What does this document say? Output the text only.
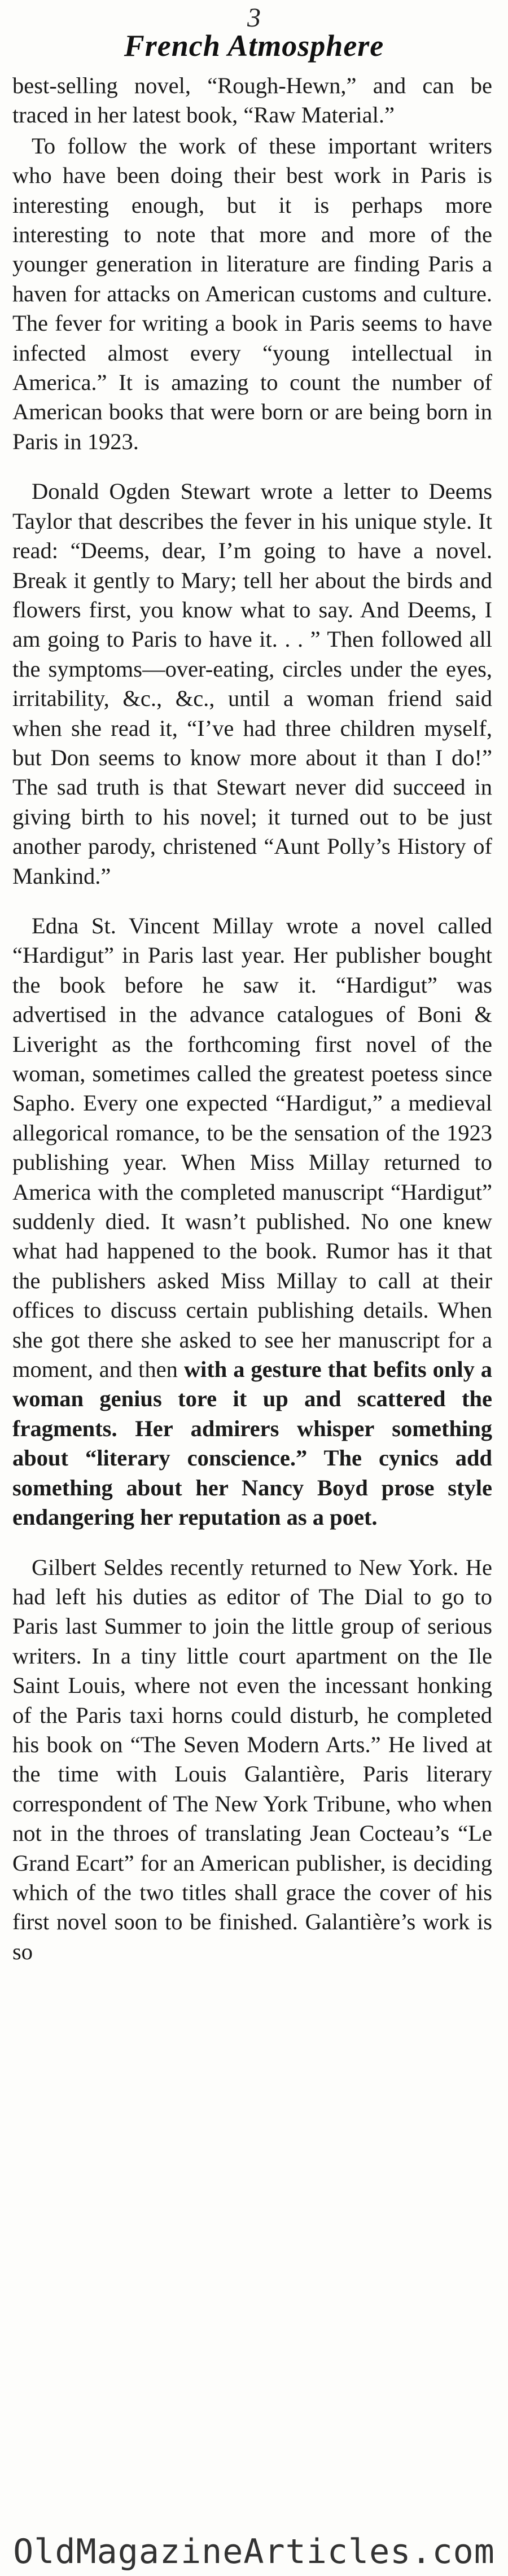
3
French Atmosphere

best-selling novel, “Rough-Hewn,” and can be traced in her latest book, “Raw Material.”

To follow the work of these important writers who have been doing their best work in Paris is interesting enough, but it is perhaps more interesting to note that more and more of the younger generation in literature are finding Paris a haven for attacks on American customs and culture. The fever for writing a book in Paris seems to have infected almost every “young intellectual in America.” It is amazing to count the number of American books that were born or are being born in Paris in 1923.

Donald Ogden Stewart wrote a letter to Deems Taylor that describes the fever in his unique style. It read: “Deems, dear, I’m going to have a novel. Break it gently to Mary; tell her about the birds and flowers first, you know what to say. And Deems, I am going to Paris to have it. . . ” Then followed all the symptoms—over-eating, circles under the eyes, irritability, &c., &c., until a woman friend said when she read it, “I’ve had three children myself, but Don seems to know more about it than I do!” The sad truth is that Stewart never did succeed in giving birth to his novel; it turned out to be just another parody, christened “Aunt Polly’s History of Mankind.”

Edna St. Vincent Millay wrote a novel called “Hardigut” in Paris last year. Her publisher bought the book before he saw it. “Hardigut” was advertised in the advance catalogues of Boni & Liveright as the forthcoming first novel of the woman, sometimes called the greatest poetess since Sapho. Every one expected “Hardigut,” a medieval allegorical romance, to be the sensation of the 1923 publishing year. When Miss Millay returned to America with the completed manuscript “Hardigut” suddenly died. It wasn’t published. No one knew what had happened to the book. Rumor has it that the publishers asked Miss Millay to call at their offices to discuss certain publishing details. When she got there she asked to see her manuscript for a moment, and then with a gesture that befits only a woman genius tore it up and scattered the fragments. Her admirers whisper something about “literary conscience.” The cynics add something about her Nancy Boyd prose style endangering her reputation as a poet.

Gilbert Seldes recently returned to New York. He had left his duties as editor of The Dial to go to Paris last Summer to join the little group of serious writers. In a tiny little court apartment on the Ile Saint Louis, where not even the incessant honking of the Paris taxi horns could disturb, he completed his book on “The Seven Modern Arts.” He lived at the time with Louis Galantière, Paris literary correspondent of The New York Tribune, who when not in the throes of translating Jean Cocteau’s “Le Grand Ecart” for an American publisher, is deciding which of the two titles shall grace the cover of his first novel soon to be finished. Galantière’s work is so

OldMagazineArticles.com
